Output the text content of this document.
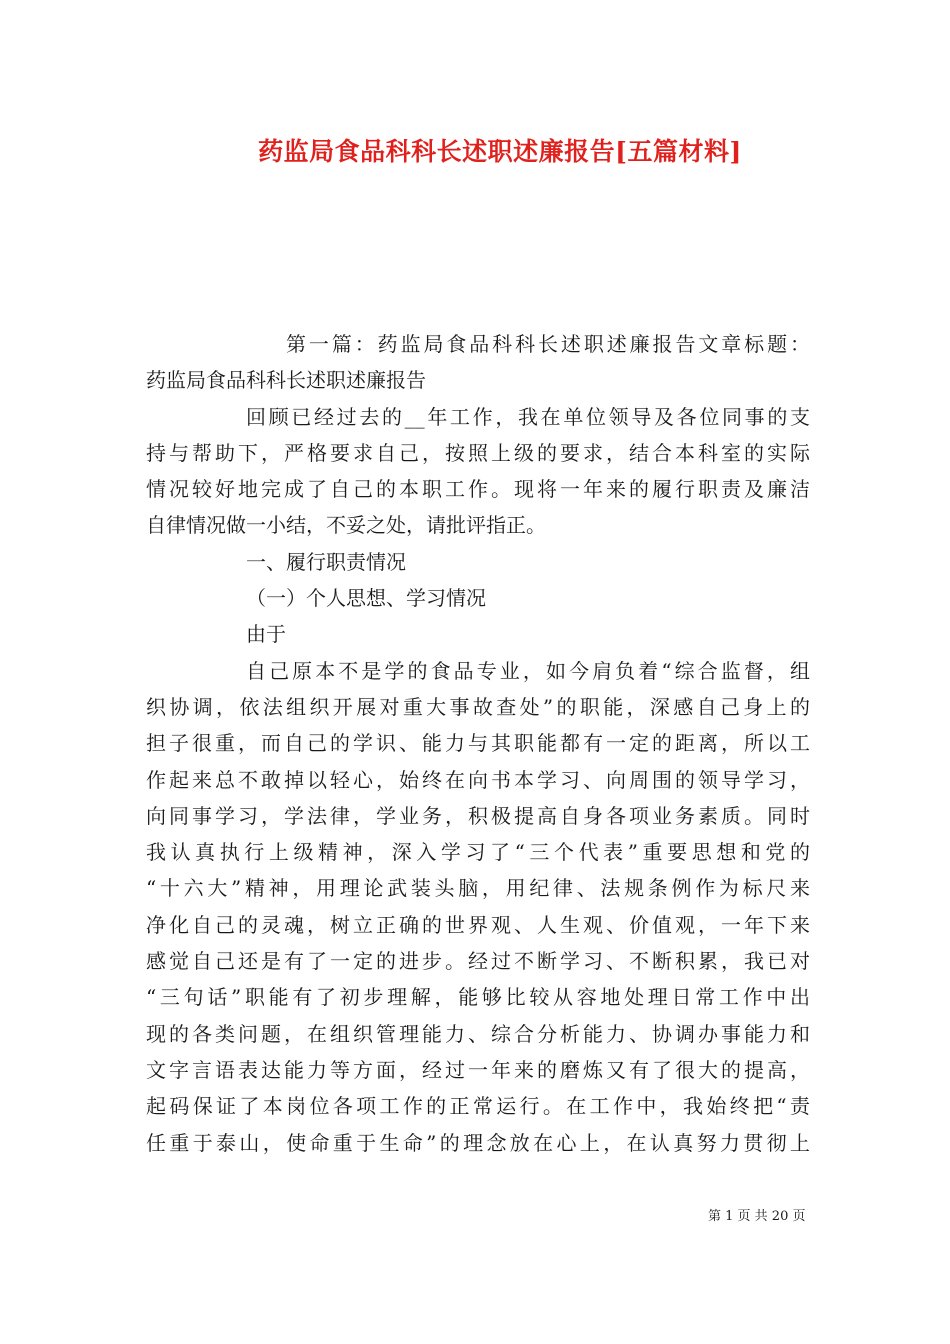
药监局食品科科长述职述廉报告[五篇材料]
第一篇：药监局食品科科长述职述廉报告文章标题：
药监局食品科科长述职述廉报告
回顾已经过去的__年工作，我在单位领导及各位同事的支
持与帮助下，严格要求自己，按照上级的要求，结合本科室的实际
情况较好地完成了自己的本职工作。现将一年来的履行职责及廉洁
自律情况做一小结，不妥之处，请批评指正。
一、履行职责情况
（一）个人思想、学习情况
由于
自己原本不是学的食品专业，如今肩负着“综合监督，组
织协调，依法组织开展对重大事故查处”的职能，深感自己身上的
担子很重，而自己的学识、能力与其职能都有一定的距离，所以工
作起来总不敢掉以轻心，始终在向书本学习、向周围的领导学习，
向同事学习，学法律，学业务，积极提高自身各项业务素质。同时
我认真执行上级精神，深入学习了“三个代表”重要思想和党的
“十六大”精神，用理论武装头脑，用纪律、法规条例作为标尺来
净化自己的灵魂，树立正确的世界观、人生观、价值观，一年下来
感觉自己还是有了一定的进步。经过不断学习、不断积累，我已对
“三句话”职能有了初步理解，能够比较从容地处理日常工作中出
现的各类问题，在组织管理能力、综合分析能力、协调办事能力和
文字言语表达能力等方面，经过一年来的磨炼又有了很大的提高，
起码保证了本岗位各项工作的正常运行。在工作中，我始终把“责
任重于泰山，使命重于生命”的理念放在心上，在认真努力贯彻上
第 1 页 共 20 页
